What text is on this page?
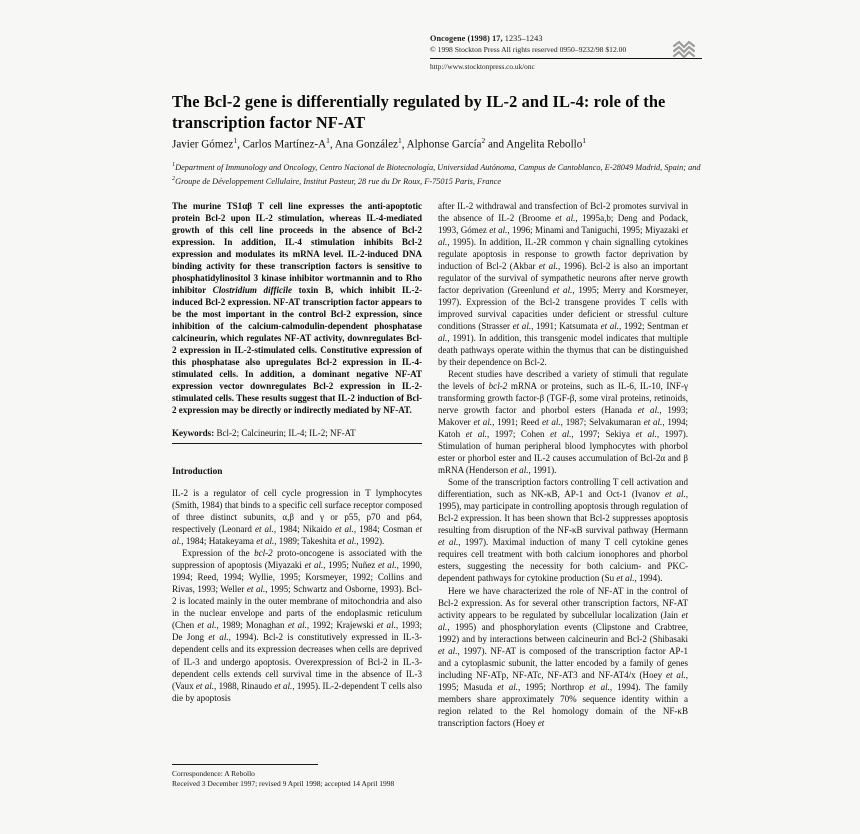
Oncogene (1998) 17, 1235–1243
© 1998 Stockton Press All rights reserved 0950–9232/98 $12.00
http://www.stocktonpress.co.uk/onc
The Bcl-2 gene is differentially regulated by IL-2 and IL-4: role of the transcription factor NF-AT
Javier Gómez$^1$, Carlos Martínez-$A^1$, Ana González$^1$, Alphonse García$^2$ and Angelita Rebollo$^1$
$^1$Department of Immunology and Oncology, Centro Nacional de Biotecnología, Universidad Autónoma, Campus de Cantoblanco, E-28049 Madrid, Spain; and $^2$Groupe de Développement Cellulaire, Institut Pasteur, 28 rue du Dr Roux, F-75015 Paris, France
The murine TS1αβ T cell line expresses the anti-apoptotic protein Bcl-2 upon IL-2 stimulation, whereas IL-4-mediated growth of this cell line proceeds in the absence of Bcl-2 expression. In addition, IL-4 stimulation inhibits Bcl-2 expression and modulates its mRNA level. IL-2-induced DNA binding activity for these transcription factors is sensitive to phosphatidylinositol 3 kinase inhibitor wortmannin and to Rho inhibitor Clostridium difficile toxin B, which inhibit IL-2-induced Bcl-2 expression. NF-AT transcription factor appears to be the most important in the control Bcl-2 expression, since inhibition of the calcium-calmodulin-dependent phosphatase calcineurin, which regulates NF-AT activity, downregulates Bcl-2 expression in IL-2-stimulated cells. Constitutive expression of this phosphatase also upregulates Bcl-2 expression in IL-4-stimulated cells. In addition, a dominant negative NF-AT expression vector downregulates Bcl-2 expression in IL-2-stimulated cells. These results suggest that IL-2 induction of Bcl-2 expression may be directly or indirectly mediated by NF-AT.
Keywords: Bcl-2; Calcineurin; IL-4; IL-2; NF-AT
Introduction

IL-2 is a regulator of cell cycle progression in T lymphocytes (Smith, 1984) that binds to a specific cell surface receptor composed of three distinct subunits, α,β and γ or p55, p70 and p64, respectively (Leonard et al., 1984; Nikaido et al., 1984; Cosman et al., 1984; Hatakeyama et al., 1989; Takeshita et al., 1992).

Expression of the bcl-2 proto-oncogene is associated with the suppression of apoptosis (Miyazaki et al., 1995; Nuñez et al., 1990, 1994; Reed, 1994; Wyllie, 1995; Korsmeyer, 1992; Collins and Rivas, 1993; Weller et al., 1995; Schwartz and Osborne, 1993). Bcl-2 is located mainly in the outer membrane of mitochondria and also in the nuclear envelope and parts of the endoplasmic reticulum (Chen et al., 1989; Monaghan et al., 1992; Krajewski et al., 1993; De Jong et al., 1994). Bcl-2 is constitutively expressed in IL-3-dependent cells and its expression decreases when cells are deprived of IL-3 and undergo apoptosis. Overexpression of Bcl-2 in IL-3-dependent cells extends cell survival time in the absence of IL-3 (Vaux et al., 1988, Rinaudo et al., 1995). IL-2-dependent T cells also die by apoptosis

after IL-2 withdrawal and transfection of Bcl-2 promotes survival in the absence of IL-2 (Broome et al., 1995a,b; Deng and Podack, 1993, Gómez et al., 1996; Minami and Taniguchi, 1995; Miyazaki et al., 1995). In addition, IL-2R common γ chain signalling cytokines regulate apoptosis in response to growth factor deprivation by induction of Bcl-2 (Akbar et al., 1996). Bcl-2 is also an important regulator of the survival of sympathetic neurons after nerve growth factor deprivation (Greenlund et al., 1995; Merry and Korsmeyer, 1997). Expression of the Bcl-2 transgene provides T cells with improved survival capacities under deficient or stressful culture conditions (Strasser et al., 1991; Katsumata et al., 1992; Sentman et al., 1991). In addition, this transgenic model indicates that multiple death pathways operate within the thymus that can be distinguished by their dependence on Bcl-2.

Recent studies have described a variety of stimuli that regulate the levels of bcl-2 mRNA or proteins, such as IL-6, IL-10, INF-γ transforming growth factor-β (TGF-β, some viral proteins, retinoids, nerve growth factor and phorbol esters (Hanada et al., 1993; Makover et al., 1991; Reed et al., 1987; Selvakumaran et al., 1994; Katoh et al., 1997; Cohen et al., 1997; Sekiya et al., 1997). Stimulation of human peripheral blood lymphocytes with phorbol ester or phorbol ester and IL-2 causes accumulation of Bcl-2α and β mRNA (Henderson et al., 1991).

Some of the transcription factors controlling T cell activation and differentiation, such as NK-κB, AP-1 and Oct-1 (Ivanov et al., 1995), may participate in controlling apoptosis through regulation of Bcl-2 expression. It has been shown that Bcl-2 suppresses apoptosis resulting from disruption of the NF-κB survival pathway (Hermann et al., 1997). Maximal induction of many T cell cytokine genes requires cell treatment with both calcium ionophores and phorbol esters, suggesting the necessity for both calcium- and PKC-dependent pathways for cytokine production (Su et al., 1994).

Here we have characterized the role of NF-AT in the control of Bcl-2 expression. As for several other transcription factors, NF-AT activity appears to be regulated by subcellular localization (Jain et al., 1995) and phosphorylation events (Clipstone and Crabtree, 1992) and by interactions between calcineurin and Bcl-2 (Shibasaki et al., 1997). NF-AT is composed of the transcription factor AP-1 and a cytoplasmic subunit, the latter encoded by a family of genes including NF-ATp, NF-ATc, NF-AT3 and NF-AT4/x (Hoey et al., 1995; Masuda et al., 1995; Northrop et al., 1994). The family members share approximately 70% sequence identity within a region related to the Rel homology domain of the NF-κB transcription factors (Hoey et

Correspondence: A Rebollo
Received 3 December 1997; revised 9 April 1998; accepted 14 April 1998
